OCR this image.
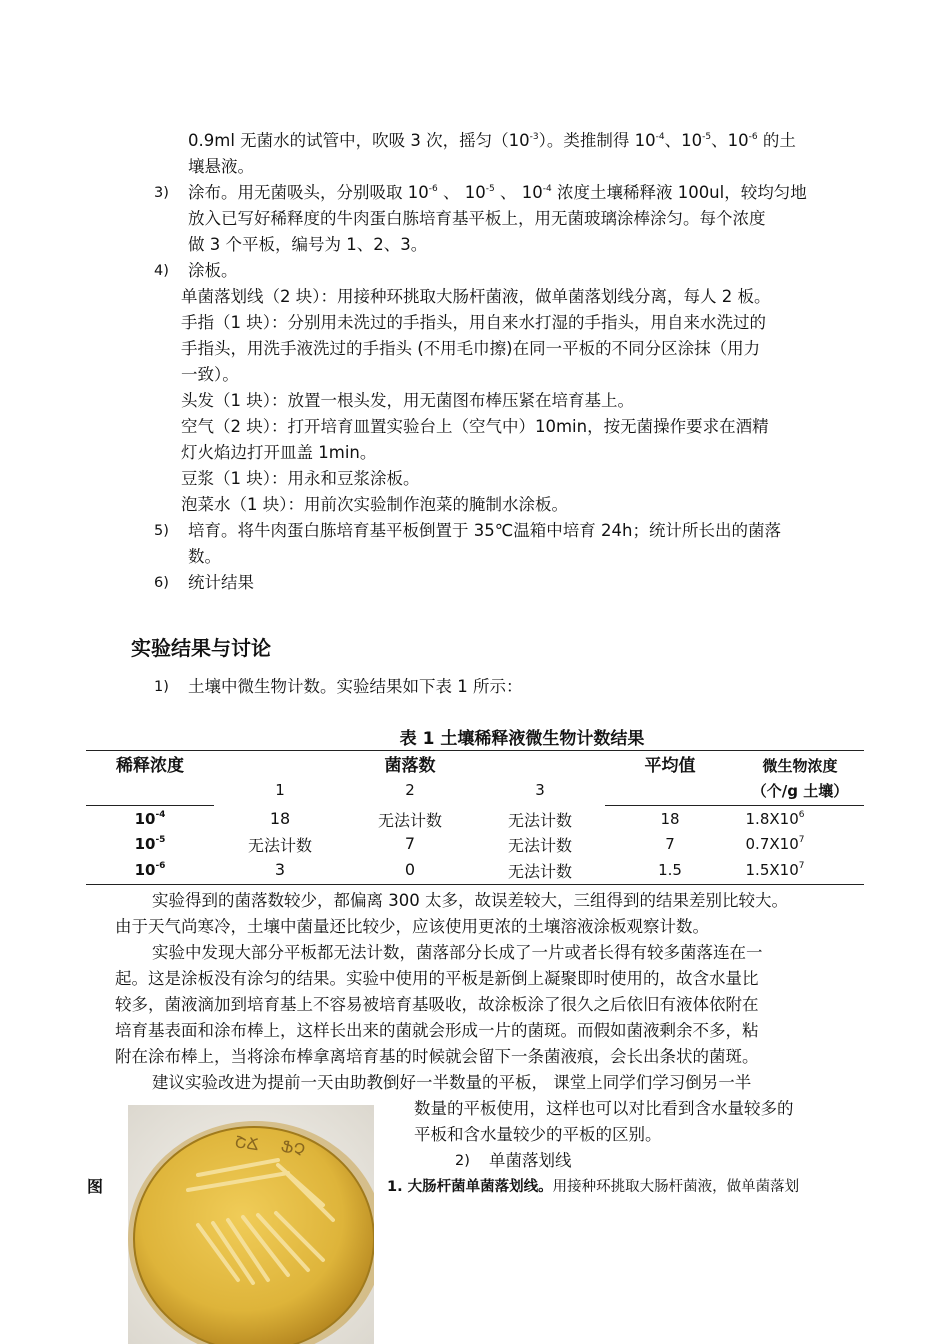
0.9ml 无菌水的试管中，吹吸 3 次，摇匀$(10^{-3})$。类推制得 $10^{-4}$、$10^{-5}$、$10^{-6}$ 的土
壤悬液。
3) 涂布。用无菌吸头，分别吸取 $10^{-6}$ 、 $10^{-5}$ 、 $10^{-4}$ 浓度土壤稀释液 100ul，较均匀地
放入已写好稀释度的牛肉蛋白胨培育基平板上，用无菌玻璃涂棒涂匀。每个浓度
做 3 个平板，编号为 1、2、3。
4) 涂板。
单菌落划线（2 块）：用接种环挑取大肠杆菌液，做单菌落划线分离，每人 2 板。
手指（1 块）：分别用未洗过的手指头，用自来水打湿的手指头，用自来水洗过的
手指头，用洗手液洗过的手指头 (不用毛巾擦)在同一平板的不同分区涂抹（用力
一致）。
头发（1 块）：放置一根头发，用无菌图布棒压紧在培育基上。
空气（2 块）：打开培育皿置实验台上（空气中）10min，按无菌操作要求在酒精
灯火焰边打开皿盖 1min。
豆浆（1 块）：用永和豆浆涂板。
泡菜水（1 块）：用前次实验制作泡菜的腌制水涂板。
5) 培育。将牛肉蛋白胨培育基平板倒置于 35℃温箱中培育 24h；统计所长出的菌落
数。
6) 统计结果
实验结果与讨论
1) 土壤中微生物计数。实验结果如下表 1 所示：
表 1 土壤稀释液微生物计数结果
稀释浓度	菌落数	平均值	微生物浓度
1	2	3	（个/g 土壤）
$10^{-4}$	18	无法计数	无法计数	18	$1.8X10^6$
$10^{-5}$	无法计数	7	无法计数	7	$0.7X10^7$
$10^{-6}$	3	0	无法计数	1.5	$1.5X10^7$
实验得到的菌落数较少，都偏离 300 太多，故误差较大，三组得到的结果差别比较大。
由于天气尚寒冷，土壤中菌量还比较少，应该使用更浓的土壤溶液涂板观察计数。
实验中发现大部分平板都无法计数，菌落部分长成了一片或者长得有较多菌落连在一
起。这是涂板没有涂匀的结果。实验中使用的平板是新倒上凝聚即时使用的，故含水量比
较多，菌液滴加到培育基上不容易被培育基吸收，故涂板涂了很久之后依旧有液体依附在
培育基表面和涂布棒上，这样长出来的菌就会形成一片的菌斑。而假如菌液剩余不多，粘
附在涂布棒上，当将涂布棒拿离培育基的时候就会留下一条菌液痕，会长出条状的菌斑。
建议实验改进为提前一天由助教倒好一半数量的平板， 课堂上同学们学习倒另一半
数量的平板使用，这样也可以对比看到含水量较多的
平板和含水量较少的平板的区别。
2) 单菌落划线
图	1. 大肠杆菌单菌落划线。用接种环挑取大肠杆菌液，做单菌落划
ՇՃ ՖՉ
